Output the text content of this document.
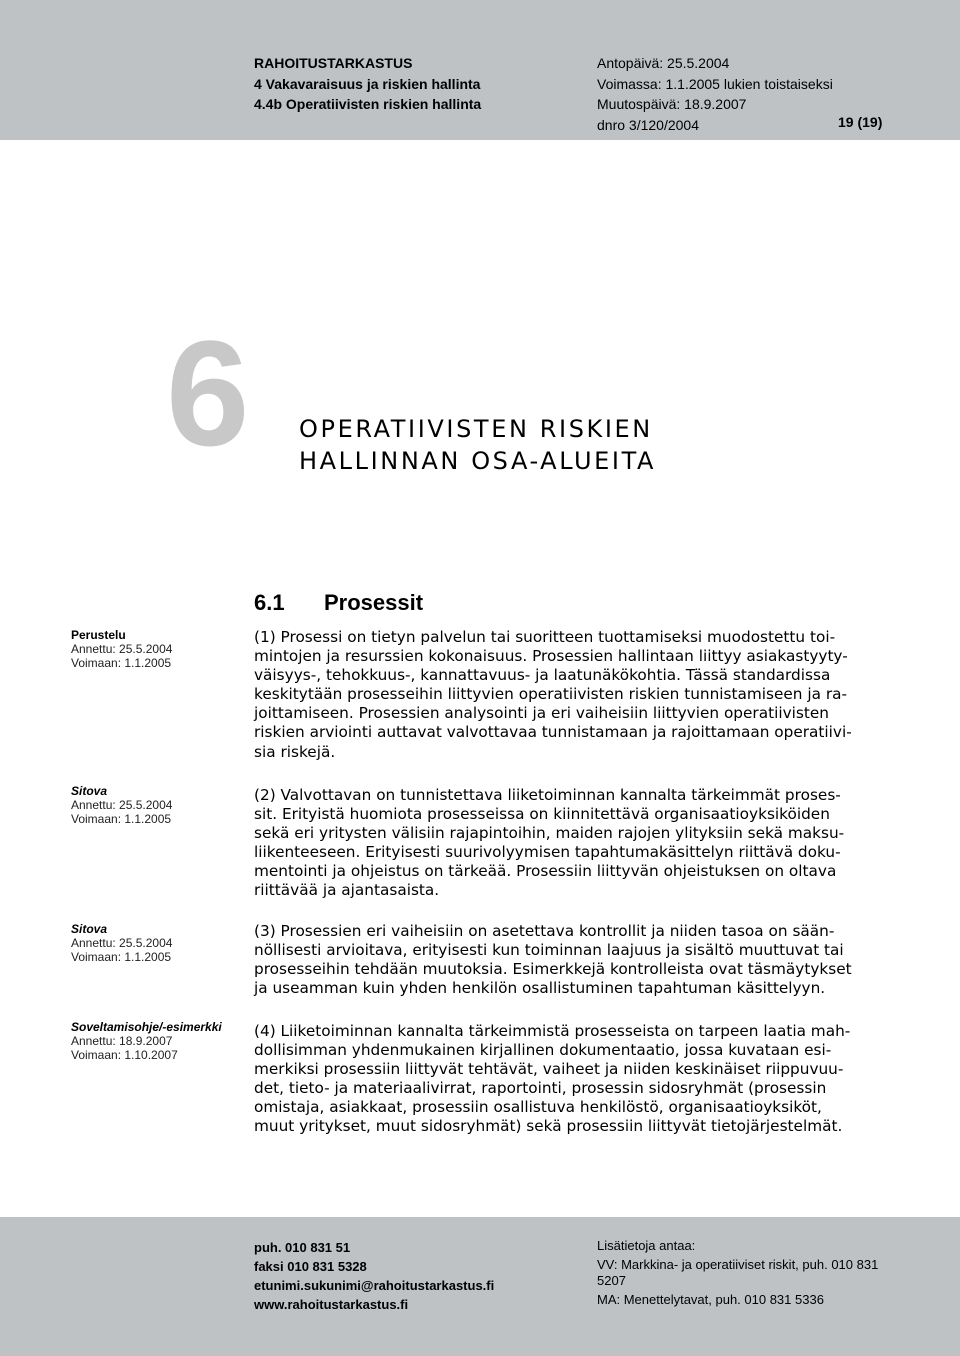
RAHOITUSTARKASTUS
4 Vakavaraisuus ja riskien hallinta
4.4b Operatiivisten riskien hallinta
Antopäivä: 25.5.2004
Voimassa: 1.1.2005 lukien toistaiseksi
Muutospäivä: 18.9.2007
dnro 3/120/2004	19 (19)
6 OPERATIIVISTEN RISKIEN
HALLINNAN OSA-ALUEITA
6.1 Prosessit
Perustelu
Annettu: 25.5.2004
Voimaan: 1.1.2005
Sitova
Annettu: 25.5.2004
Voimaan: 1.1.2005
Sitova
Annettu: 25.5.2004
Voimaan: 1.1.2005
Soveltamisohje/-esimerkki
Annettu: 18.9.2007
Voimaan: 1.10.2007
(1) Prosessi on tietyn palvelun tai suoritteen tuottamiseksi muodostettu toi-
mintojen ja resurssien kokonaisuus. Prosessien hallintaan liittyy asiakastyyty-
väisyys-, tehokkuus-, kannattavuus- ja laatunäkökohtia. Tässä standardissa
keskitytään prosesseihin liittyvien operatiivisten riskien tunnistamiseen ja ra-
joittamiseen. Prosessien analysointi ja eri vaiheisiin liittyvien operatiivisten
riskien arviointi auttavat valvottavaa tunnistamaan ja rajoittamaan operatiivi-
sia riskejä.
(2) Valvottavan on tunnistettava liiketoiminnan kannalta tärkeimmät proses-
sit. Erityistä huomiota prosesseissa on kiinnitettävä organisaatioyksiköiden
sekä eri yritysten välisiin rajapintoihin, maiden rajojen ylityksiin sekä maksu-
liikenteeseen. Erityisesti suurivolyymisen tapahtumakäsittelyn riittävä doku-
mentointi ja ohjeistus on tärkeää. Prosessiin liittyvän ohjeistuksen on oltava
riittävää ja ajantasaista.
(3) Prosessien eri vaiheisiin on asetettava kontrollit ja niiden tasoa on sään-
nöllisesti arvioitava, erityisesti kun toiminnan laajuus ja sisältö muuttuvat tai
prosesseihin tehdään muutoksia. Esimerkkejä kontrolleista ovat täsmäytykset
ja useamman kuin yhden henkilön osallistuminen tapahtuman käsittelyyn.
(4) Liiketoiminnan kannalta tärkeimmistä prosesseista on tarpeen laatia mah-
dollisimman yhdenmukainen kirjallinen dokumentaatio, jossa kuvataan esi-
merkiksi prosessiin liittyvät tehtävät, vaiheet ja niiden keskinäiset riippuvuu-
det, tieto- ja materiaalivirrat, raportointi, prosessin sidosryhmät (prosessin
omistaja, asiakkaat, prosessiin osallistuva henkilöstö, organisaatioyksiköt,
muut yritykset, muut sidosryhmät) sekä prosessiin liittyvät tietojärjestelmät.
puh. 010 831 51
faksi 010 831 5328
etunimi.sukunimi@rahoitustarkastus.fi
www.rahoitustarkastus.fi
Lisätietoja antaa:
VV: Markkina- ja operatiiviset riskit, puh. 010 831 5207
MA: Menettelytavat, puh. 010 831 5336
